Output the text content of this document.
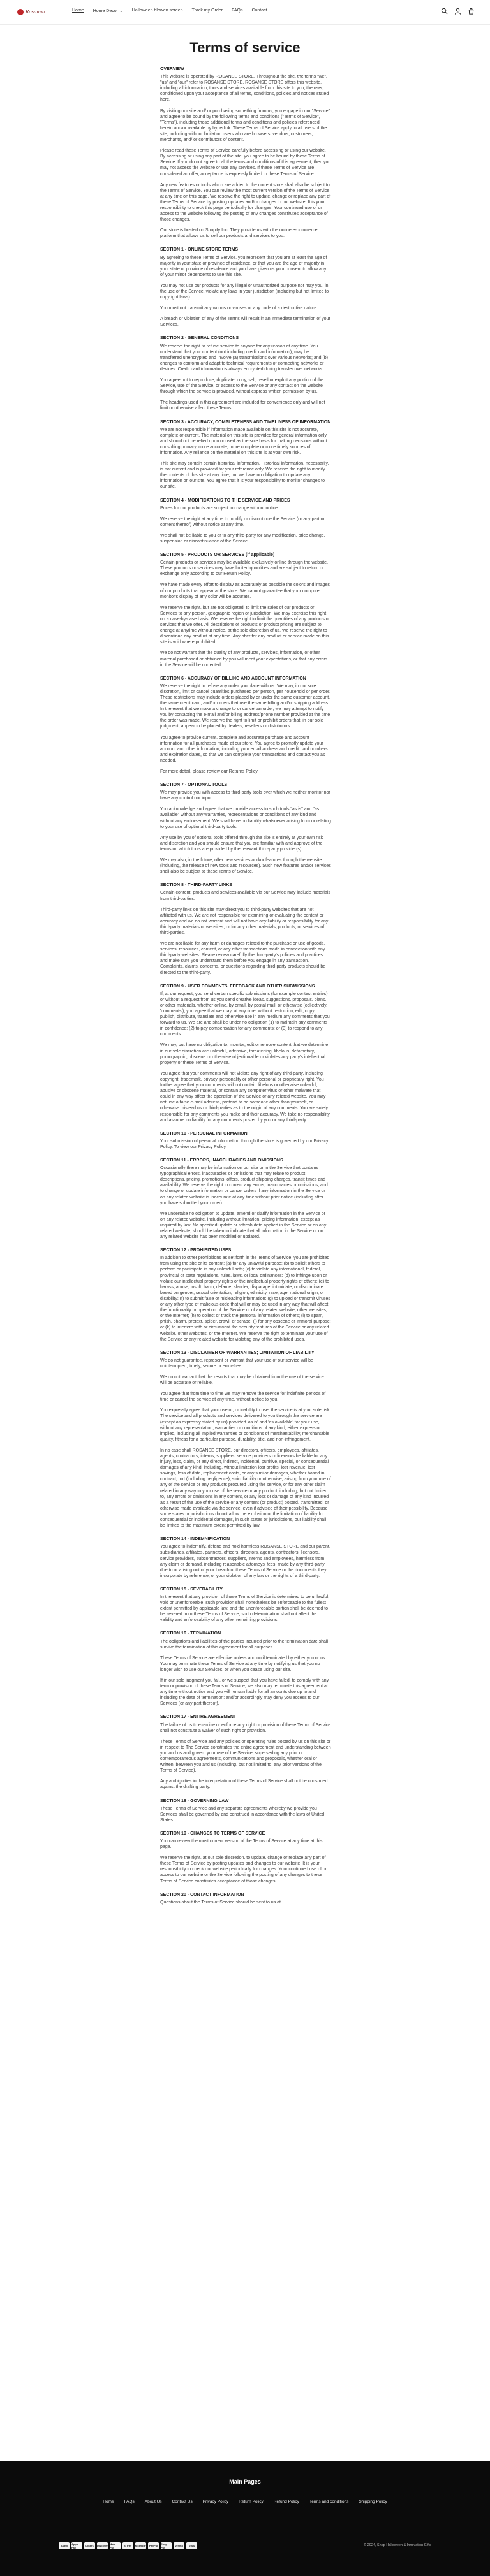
Rosanna	Home Home Decor ⌄ Halloween blowen screen Track my Order FAQs Contact
Terms of service
OVERVIEW

This website is operated by ROSANSE STORE. Throughout the site, the terms "we", "us" and "our" refer to ROSANSE STORE. ROSANSE STORE offers this website, including all information, tools and services available from this site to you, the user, conditioned upon your acceptance of all terms, conditions, policies and notices stated here.

By visiting our site and/ or purchasing something from us, you engage in our "Service" and agree to be bound by the following terms and conditions ("Terms of Service", "Terms"), including those additional terms and conditions and policies referenced herein and/or available by hyperlink. These Terms of Service apply to all users of the site, including without limitation users who are browsers, vendors, customers, merchants, and/ or contributors of content.

Please read these Terms of Service carefully before accessing or using our website. By accessing or using any part of the site, you agree to be bound by these Terms of Service. If you do not agree to all the terms and conditions of this agreement, then you may not access the website or use any services. If these Terms of Service are considered an offer, acceptance is expressly limited to these Terms of Service.

Any new features or tools which are added to the current store shall also be subject to the Terms of Service. You can review the most current version of the Terms of Service at any time on this page. We reserve the right to update, change or replace any part of these Terms of Service by posting updates and/or changes to our website. It is your responsibility to check this page periodically for changes. Your continued use of or access to the website following the posting of any changes constitutes acceptance of those changes.

Our store is hosted on Shopify Inc. They provide us with the online e-commerce platform that allows us to sell our products and services to you.

SECTION 1 - ONLINE STORE TERMS

By agreeing to these Terms of Service, you represent that you are at least the age of majority in your state or province of residence, or that you are the age of majority in your state or province of residence and you have given us your consent to allow any of your minor dependents to use this site.

You may not use our products for any illegal or unauthorized purpose nor may you, in the use of the Service, violate any laws in your jurisdiction (including but not limited to copyright laws).

You must not transmit any worms or viruses or any code of a destructive nature.

A breach or violation of any of the Terms will result in an immediate termination of your Services.

SECTION 2 - GENERAL CONDITIONS

We reserve the right to refuse service to anyone for any reason at any time. You understand that your content (not including credit card information), may be transferred unencrypted and involve (a) transmissions over various networks; and (b) changes to conform and adapt to technical requirements of connecting networks or devices. Credit card information is always encrypted during transfer over networks.

You agree not to reproduce, duplicate, copy, sell, resell or exploit any portion of the Service, use of the Service, or access to the Service or any contact on the website through which the service is provided, without express written permission by us.

The headings used in this agreement are included for convenience only and will not limit or otherwise affect these Terms.

SECTION 3 - ACCURACY, COMPLETENESS AND TIMELINESS OF INFORMATION

We are not responsible if information made available on this site is not accurate, complete or current. The material on this site is provided for general information only and should not be relied upon or used as the sole basis for making decisions without consulting primary, more accurate, more complete or more timely sources of information. Any reliance on the material on this site is at your own risk.

This site may contain certain historical information. Historical information, necessarily, is not current and is provided for your reference only. We reserve the right to modify the contents of this site at any time, but we have no obligation to update any information on our site. You agree that it is your responsibility to monitor changes to our site.

SECTION 4 - MODIFICATIONS TO THE SERVICE AND PRICES

Prices for our products are subject to change without notice.

We reserve the right at any time to modify or discontinue the Service (or any part or content thereof) without notice at any time.

We shall not be liable to you or to any third-party for any modification, price change, suspension or discontinuance of the Service.

SECTION 5 - PRODUCTS OR SERVICES (if applicable)

Certain products or services may be available exclusively online through the website. These products or services may have limited quantities and are subject to return or exchange only according to our Return Policy.

We have made every effort to display as accurately as possible the colors and images of our products that appear at the store. We cannot guarantee that your computer monitor's display of any color will be accurate.

We reserve the right, but are not obligated, to limit the sales of our products or Services to any person, geographic region or jurisdiction. We may exercise this right on a case-by-case basis. We reserve the right to limit the quantities of any products or services that we offer. All descriptions of products or product pricing are subject to change at anytime without notice, at the sole discretion of us. We reserve the right to discontinue any product at any time. Any offer for any product or service made on this site is void where prohibited.

We do not warrant that the quality of any products, services, information, or other material purchased or obtained by you will meet your expectations, or that any errors in the Service will be corrected.

SECTION 6 - ACCURACY OF BILLING AND ACCOUNT INFORMATION

We reserve the right to refuse any order you place with us. We may, in our sole discretion, limit or cancel quantities purchased per person, per household or per order. These restrictions may include orders placed by or under the same customer account, the same credit card, and/or orders that use the same billing and/or shipping address. In the event that we make a change to or cancel an order, we may attempt to notify you by contacting the e-mail and/or billing address/phone number provided at the time the order was made. We reserve the right to limit or prohibit orders that, in our sole judgment, appear to be placed by dealers, resellers or distributors.

You agree to provide current, complete and accurate purchase and account information for all purchases made at our store. You agree to promptly update your account and other information, including your email address and credit card numbers and expiration dates, so that we can complete your transactions and contact you as needed.

For more detail, please review our Returns Policy.

SECTION 7 - OPTIONAL TOOLS

We may provide you with access to third-party tools over which we neither monitor nor have any control nor input.

You acknowledge and agree that we provide access to such tools "as is" and "as available" without any warranties, representations or conditions of any kind and without any endorsement. We shall have no liability whatsoever arising from or relating to your use of optional third-party tools.

Any use by you of optional tools offered through the site is entirely at your own risk and discretion and you should ensure that you are familiar with and approve of the terms on which tools are provided by the relevant third-party provider(s).

We may also, in the future, offer new services and/or features through the website (including, the release of new tools and resources). Such new features and/or services shall also be subject to these Terms of Service.

SECTION 8 - THIRD-PARTY LINKS

Certain content, products and services available via our Service may include materials from third-parties.

Third-party links on this site may direct you to third-party websites that are not affiliated with us. We are not responsible for examining or evaluating the content or accuracy and we do not warrant and will not have any liability or responsibility for any third-party materials or websites, or for any other materials, products, or services of third-parties.

We are not liable for any harm or damages related to the purchase or use of goods, services, resources, content, or any other transactions made in connection with any third-party websites. Please review carefully the third-party's policies and practices and make sure you understand them before you engage in any transaction. Complaints, claims, concerns, or questions regarding third-party products should be directed to the third-party.

SECTION 9 - USER COMMENTS, FEEDBACK AND OTHER SUBMISSIONS

If, at our request, you send certain specific submissions (for example contest entries) or without a request from us you send creative ideas, suggestions, proposals, plans, or other materials, whether online, by email, by postal mail, or otherwise (collectively, 'comments'), you agree that we may, at any time, without restriction, edit, copy, publish, distribute, translate and otherwise use in any medium any comments that you forward to us. We are and shall be under no obligation (1) to maintain any comments in confidence; (2) to pay compensation for any comments; or (3) to respond to any comments.

We may, but have no obligation to, monitor, edit or remove content that we determine in our sole discretion are unlawful, offensive, threatening, libelous, defamatory, pornographic, obscene or otherwise objectionable or violates any party's intellectual property or these Terms of Service.

You agree that your comments will not violate any right of any third-party, including copyright, trademark, privacy, personality or other personal or proprietary right. You further agree that your comments will not contain libelous or otherwise unlawful, abusive or obscene material, or contain any computer virus or other malware that could in any way affect the operation of the Service or any related website. You may not use a false e-mail address, pretend to be someone other than yourself, or otherwise mislead us or third-parties as to the origin of any comments. You are solely responsible for any comments you make and their accuracy. We take no responsibility and assume no liability for any comments posted by you or any third-party.

SECTION 10 - PERSONAL INFORMATION

Your submission of personal information through the store is governed by our Privacy Policy. To view our Privacy Policy.

SECTION 11 - ERRORS, INACCURACIES AND OMISSIONS

Occasionally there may be information on our site or in the Service that contains typographical errors, inaccuracies or omissions that may relate to product descriptions, pricing, promotions, offers, product shipping charges, transit times and availability. We reserve the right to correct any errors, inaccuracies or omissions, and to change or update information or cancel orders if any information in the Service or on any related website is inaccurate at any time without prior notice (including after you have submitted your order).

We undertake no obligation to update, amend or clarify information in the Service or on any related website, including without limitation, pricing information, except as required by law. No specified update or refresh date applied in the Service or on any related website, should be taken to indicate that all information in the Service or on any related website has been modified or updated.

SECTION 12 - PROHIBITED USES

In addition to other prohibitions as set forth in the Terms of Service, you are prohibited from using the site or its content: (a) for any unlawful purpose; (b) to solicit others to perform or participate in any unlawful acts; (c) to violate any international, federal, provincial or state regulations, rules, laws, or local ordinances; (d) to infringe upon or violate our intellectual property rights or the intellectual property rights of others; (e) to harass, abuse, insult, harm, defame, slander, disparage, intimidate, or discriminate based on gender, sexual orientation, religion, ethnicity, race, age, national origin, or disability; (f) to submit false or misleading information; (g) to upload or transmit viruses or any other type of malicious code that will or may be used in any way that will affect the functionality or operation of the Service or of any related website, other websites, or the Internet; (h) to collect or track the personal information of others; (i) to spam, phish, pharm, pretext, spider, crawl, or scrape; (j) for any obscene or immoral purpose; or (k) to interfere with or circumvent the security features of the Service or any related website, other websites, or the Internet. We reserve the right to terminate your use of the Service or any related website for violating any of the prohibited uses.

SECTION 13 - DISCLAIMER OF WARRANTIES; LIMITATION OF LIABILITY

We do not guarantee, represent or warrant that your use of our service will be uninterrupted, timely, secure or error-free.

We do not warrant that the results that may be obtained from the use of the service will be accurate or reliable.

You agree that from time to time we may remove the service for indefinite periods of time or cancel the service at any time, without notice to you.

You expressly agree that your use of, or inability to use, the service is at your sole risk. The service and all products and services delivered to you through the service are (except as expressly stated by us) provided 'as is' and 'as available' for your use, without any representation, warranties or conditions of any kind, either express or implied, including all implied warranties or conditions of merchantability, merchantable quality, fitness for a particular purpose, durability, title, and non-infringement.

In no case shall ROSANSE STORE, our directors, officers, employees, affiliates, agents, contractors, interns, suppliers, service providers or licensors be liable for any injury, loss, claim, or any direct, indirect, incidental, punitive, special, or consequential damages of any kind, including, without limitation lost profits, lost revenue, lost savings, loss of data, replacement costs, or any similar damages, whether based in contract, tort (including negligence), strict liability or otherwise, arising from your use of any of the service or any products procured using the service, or for any other claim related in any way to your use of the service or any product, including, but not limited to, any errors or omissions in any content, or any loss or damage of any kind incurred as a result of the use of the service or any content (or product) posted, transmitted, or otherwise made available via the service, even if advised of their possibility. Because some states or jurisdictions do not allow the exclusion or the limitation of liability for consequential or incidental damages, in such states or jurisdictions, our liability shall be limited to the maximum extent permitted by law.

SECTION 14 - INDEMNIFICATION

You agree to indemnify, defend and hold harmless ROSANSE STORE and our parent, subsidiaries, affiliates, partners, officers, directors, agents, contractors, licensors, service providers, subcontractors, suppliers, interns and employees, harmless from any claim or demand, including reasonable attorneys' fees, made by any third-party due to or arising out of your breach of these Terms of Service or the documents they incorporate by reference, or your violation of any law or the rights of a third-party.

SECTION 15 - SEVERABILITY

In the event that any provision of these Terms of Service is determined to be unlawful, void or unenforceable, such provision shall nonetheless be enforceable to the fullest extent permitted by applicable law, and the unenforceable portion shall be deemed to be severed from these Terms of Service, such determination shall not affect the validity and enforceability of any other remaining provisions.

SECTION 16 - TERMINATION

The obligations and liabilities of the parties incurred prior to the termination date shall survive the termination of this agreement for all purposes.

These Terms of Service are effective unless and until terminated by either you or us. You may terminate these Terms of Service at any time by notifying us that you no longer wish to use our Services, or when you cease using our site.

If in our sole judgment you fail, or we suspect that you have failed, to comply with any term or provision of these Terms of Service, we also may terminate this agreement at any time without notice and you will remain liable for all amounts due up to and including the date of termination; and/or accordingly may deny you access to our Services (or any part thereof).

SECTION 17 - ENTIRE AGREEMENT

The failure of us to exercise or enforce any right or provision of these Terms of Service shall not constitute a waiver of such right or provision.

These Terms of Service and any policies or operating rules posted by us on this site or in respect to The Service constitutes the entire agreement and understanding between you and us and govern your use of the Service, superseding any prior or contemporaneous agreements, communications and proposals, whether oral or written, between you and us (including, but not limited to, any prior versions of the Terms of Service).

Any ambiguities in the interpretation of these Terms of Service shall not be construed against the drafting party.

SECTION 18 - GOVERNING LAW

These Terms of Service and any separate agreements whereby we provide you Services shall be governed by and construed in accordance with the laws of United States.

SECTION 19 - CHANGES TO TERMS OF SERVICE

You can review the most current version of the Terms of Service at any time at this page.

We reserve the right, at our sole discretion, to update, change or replace any part of these Terms of Service by posting updates and changes to our website. It is your responsibility to check our website periodically for changes. Your continued use of or access to our website or the Service following the posting of any changes to these Terms of Service constitutes acceptance of those changes.

SECTION 20 - CONTACT INFORMATION

Questions about the Terms of Service should be sent to us at

Main Pages
Home FAQs About Us Contact Us Privacy Policy Return Policy Refund Policy Terms and conditions Shipping Policy
AMEX	Apple Pay	Diners	Discover Meta Pay	G Pay Mastercard PayPal	Shop Pay	Venmo	VISA	© 2024, Shop Halloween & Innovation Gifts
